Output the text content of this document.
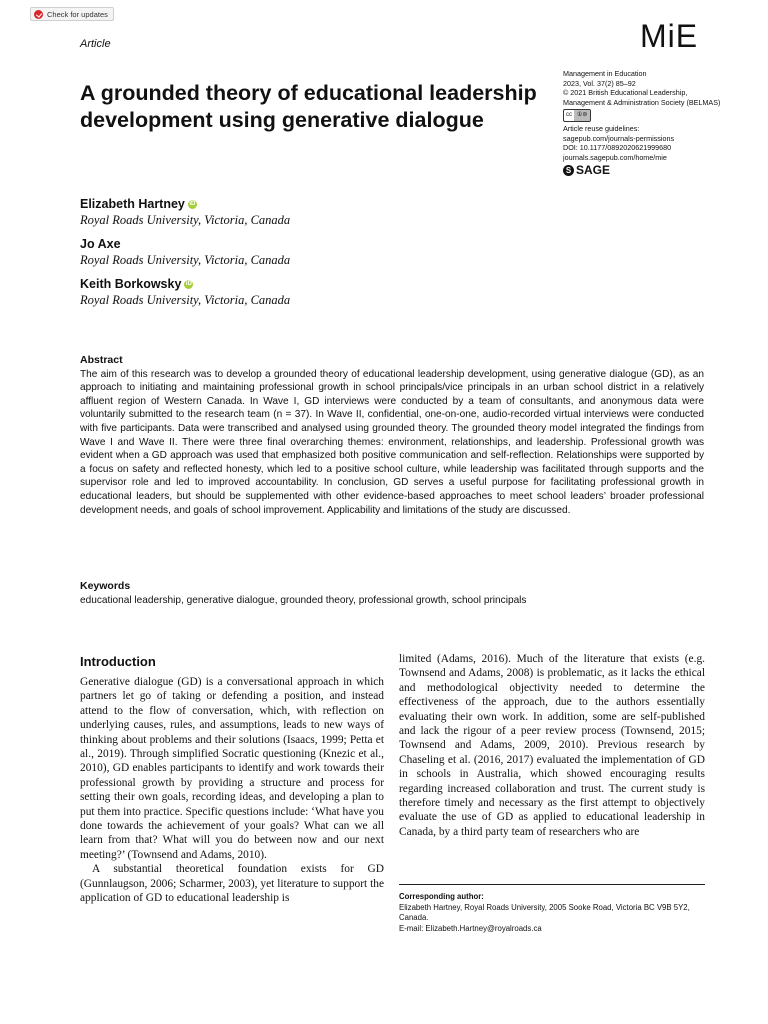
Check for updates
Article	MiE
A grounded theory of educational leadership development using generative dialogue

Management in Education

2023, Vol. 37(2) 85–92

© 2021 British Educational Leadership, Management & Administration Society (BELMAS)

cc ①⊜

Article reuse guidelines:

sagepub.com/journals-permissions

DOI: 10.1177/0892020621999680

journals.sagepub.com/home/mie

S SAGE
Elizabeth Hartney iD
Royal Roads University, Victoria, Canada
Jo Axe
Royal Roads University, Victoria, Canada
Keith Borkowsky iD
Royal Roads University, Victoria, Canada
Abstract

The aim of this research was to develop a grounded theory of educational leadership development, using generative dialogue (GD), as an approach to initiating and maintaining professional growth in school principals/vice principals in an urban school district in a relatively affluent region of Western Canada. In Wave I, GD interviews were conducted by a team of consultants, and anonymous data were voluntarily submitted to the research team (n = 37). In Wave II, confidential, one-on-one, audio-recorded virtual interviews were conducted with five participants. Data were transcribed and analysed using grounded theory. The grounded theory model integrated the findings from Wave I and Wave II. There were three final overarching themes: environment, relationships, and leadership. Professional growth was evident when a GD approach was used that emphasized both positive communication and self-reflection. Relationships were supported by a focus on safety and reflected honesty, which led to a positive school culture, while leadership was facilitated through supports and the supervisor role and led to improved accountability. In conclusion, GD serves a useful purpose for facilitating professional growth in educational leaders, but should be supplemented with other evidence-based approaches to meet school leaders’ broader professional development needs, and goals of school improvement. Applicability and limitations of the study are discussed.

Keywords

educational leadership, generative dialogue, grounded theory, professional growth, school principals

Introduction

Generative dialogue (GD) is a conversational approach in which partners let go of taking or defending a position, and instead attend to the flow of conversation, which, with reflection on underlying causes, rules, and assumptions, leads to new ways of thinking about problems and their solutions (Isaacs, 1999; Petta et al., 2019). Through simplified Socratic questioning (Knezic et al., 2010), GD enables participants to identify and work towards their professional growth by providing a structure and process for setting their own goals, recording ideas, and developing a plan to put them into practice. Specific questions include: ‘What have you done towards the achievement of your goals? What can we all learn from that? What will you do between now and our next meeting?’ (Townsend and Adams, 2010).

A substantial theoretical foundation exists for GD (Gunnlaugson, 2006; Scharmer, 2003), yet literature to support the application of GD to educational leadership is

limited (Adams, 2016). Much of the literature that exists (e.g. Townsend and Adams, 2008) is problematic, as it lacks the ethical and methodological objectivity needed to determine the effectiveness of the approach, due to the authors essentially evaluating their own work. In addition, some are self-published and lack the rigour of a peer review process (Townsend, 2015; Townsend and Adams, 2009, 2010). Previous research by Chaseling et al. (2016, 2017) evaluated the implementation of GD in schools in Australia, which showed encouraging results regarding increased collaboration and trust. The current study is therefore timely and necessary as the first attempt to objectively evaluate the use of GD as applied to educational leadership in Canada, by a third party team of researchers who are

Corresponding author:

Elizabeth Hartney, Royal Roads University, 2005 Sooke Road, Victoria BC V9B 5Y2, Canada.

E-mail: Elizabeth.Hartney@royalroads.ca
